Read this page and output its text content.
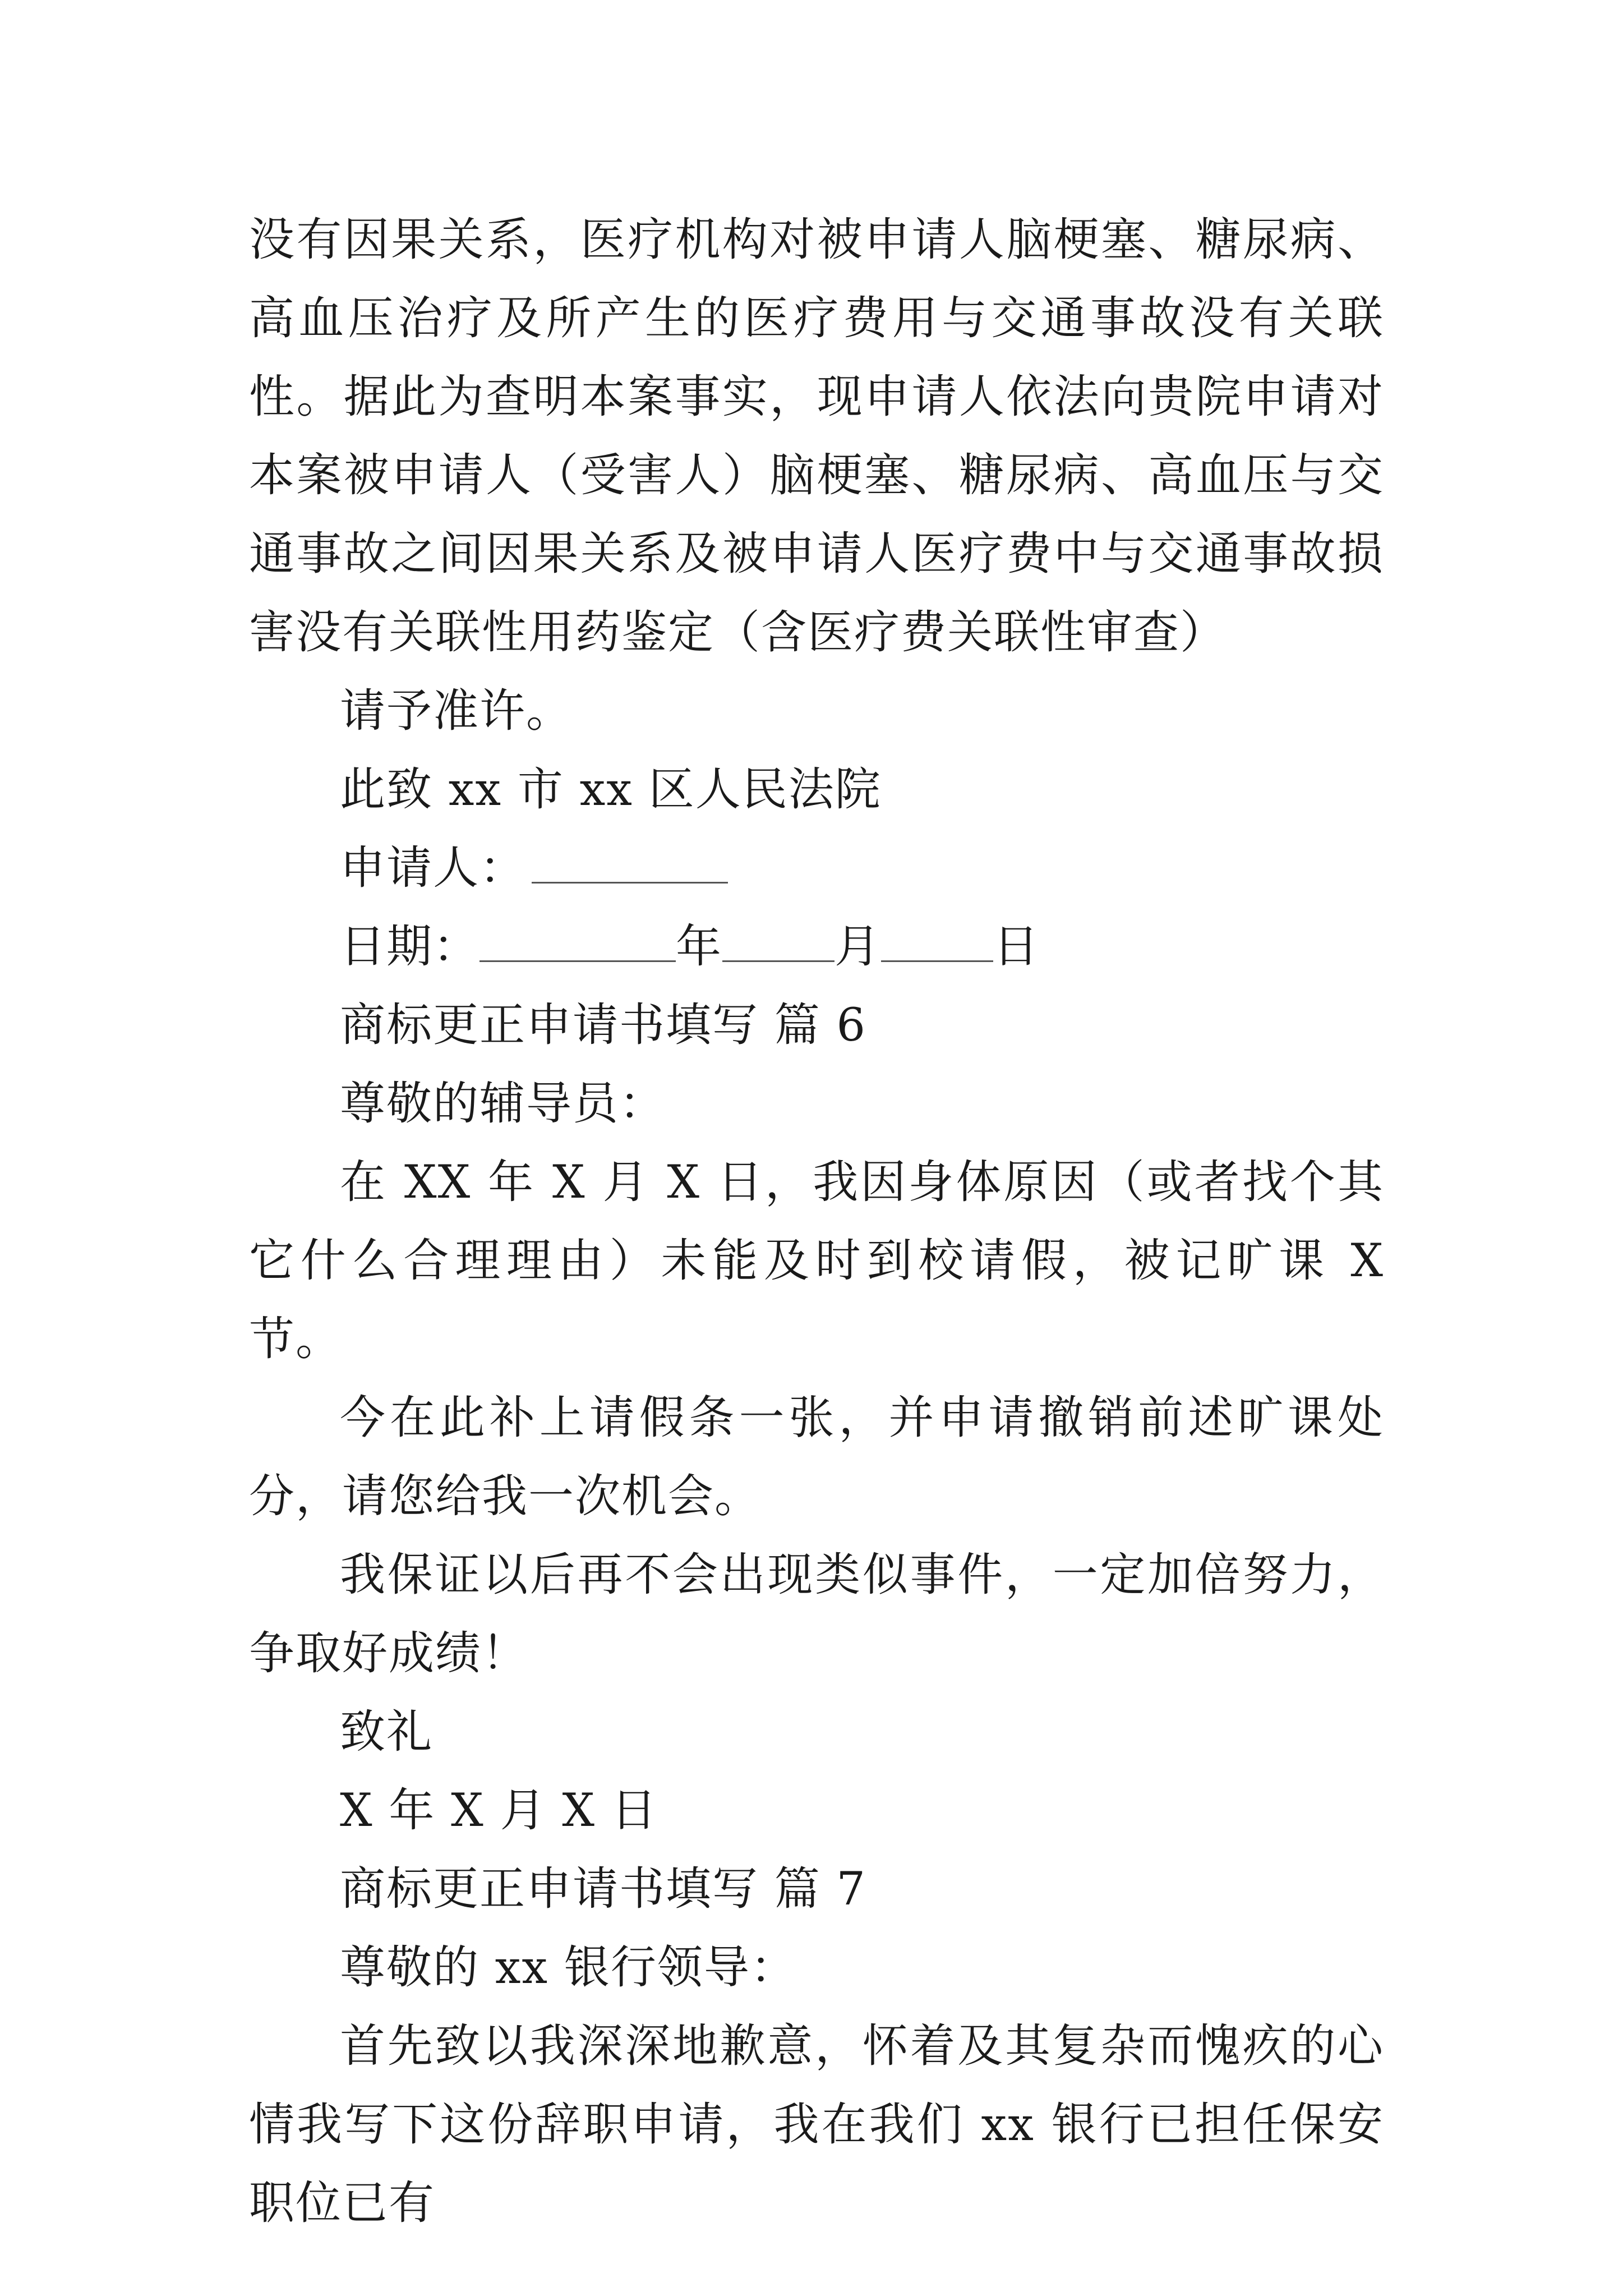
没有因果关系，医疗机构对被申请人脑梗塞、糖尿病、高血压治疗及所产生的医疗费用与交通事故没有关联性。据此为查明本案事实，现申请人依法向贵院申请对本案被申请人（受害人）脑梗塞、糖尿病、高血压与交通事故之间因果关系及被申请人医疗费中与交通事故损害没有关联性用药鉴定（含医疗费关联性审查）

请予准许。

此致 xx 市 xx 区人民法院

申请人：

日期：	年 月 日

商标更正申请书填写 篇 6

尊敬的辅导员：

在 XX 年 X 月 X 日，我因身体原因（或者找个其它什么合理理由）未能及时到校请假，被记旷课 X 节。

今在此补上请假条一张，并申请撤销前述旷课处分，请您给我一次机会。

我保证以后再不会出现类似事件，一定加倍努力，争取好成绩！

致礼

X 年 X 月 X 日

商标更正申请书填写 篇 7

尊敬的 xx 银行领导：

首先致以我深深地歉意，怀着及其复杂而愧疚的心情我写下这份辞职申请，我在我们 xx 银行已担任保安职位已有
